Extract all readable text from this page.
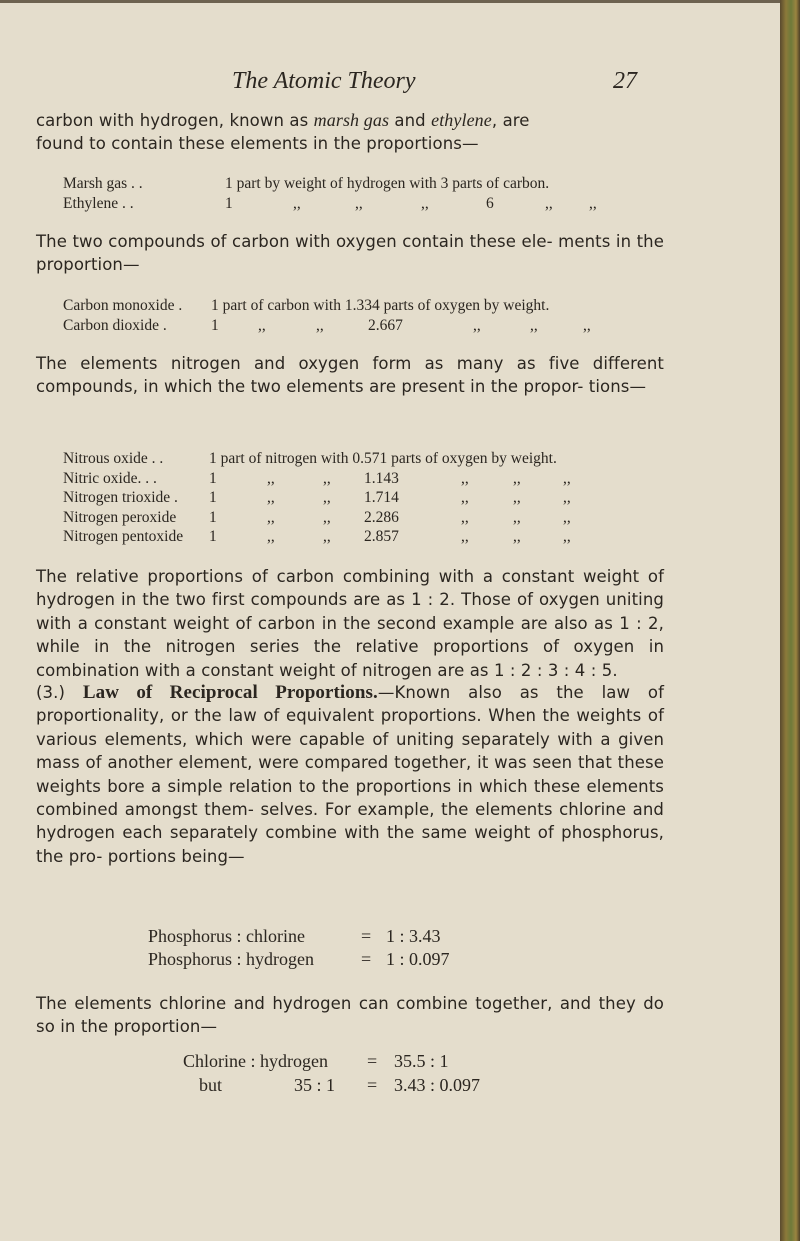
The Atomic Theory	27

carbon with hydrogen, known as marsh gas and ethylene, are
found to contain these elements in the proportions—

Marsh gas . .	1 part by weight of hydrogen with 3 parts of carbon.
Ethylene . .	1	,,	,,	,,	6	,, ,,

The two compounds of carbon with oxygen contain these ele- ments in the proportion—

Carbon monoxide . 1 part of carbon with 1.334 parts of oxygen by weight.
Carbon dioxide .	1	,,	,,	2.667	,,	,,	,,

The elements nitrogen and oxygen form as many as five different compounds, in which the two elements are present in the propor- tions—

Nitrous oxide . .	1 part of nitrogen with 0.571 parts of oxygen by weight.
Nitric oxide. . .	1	,,	,, 1.143	,,	,,	,,
Nitrogen trioxide . 1	,,	,, 1.714	,,	,,	,,
Nitrogen peroxide 1	,,	,, 2.286	,,	,,	,,
Nitrogen pentoxide 1	,,	,, 2.857	,,	,,	,,

The relative proportions of carbon combining with a constant weight of hydrogen in the two first compounds are as 1 : 2. Those of oxygen uniting with a constant weight of carbon in the second example are also as 1 : 2, while in the nitrogen series the relative proportions of oxygen in combination with a constant weight of nitrogen are as 1 : 2 : 3 : 4 : 5.

(3.) Law of Reciprocal Proportions.—Known also as the law of proportionality, or the law of equivalent proportions. When the weights of various elements, which were capable of uniting separately with a given mass of another element, were compared together, it was seen that these weights bore a simple relation to the proportions in which these elements combined amongst them- selves. For example, the elements chlorine and hydrogen each separately combine with the same weight of phosphorus, the pro- portions being—

Phosphorus : chlorine	= 1 : 3.43
Phosphorus : hydrogen	= 1 : 0.097

The elements chlorine and hydrogen can combine together, and they do so in the proportion—

Chlorine : hydrogen = 35.5 : 1
but	35 : 1 = 3.43 : 0.097
